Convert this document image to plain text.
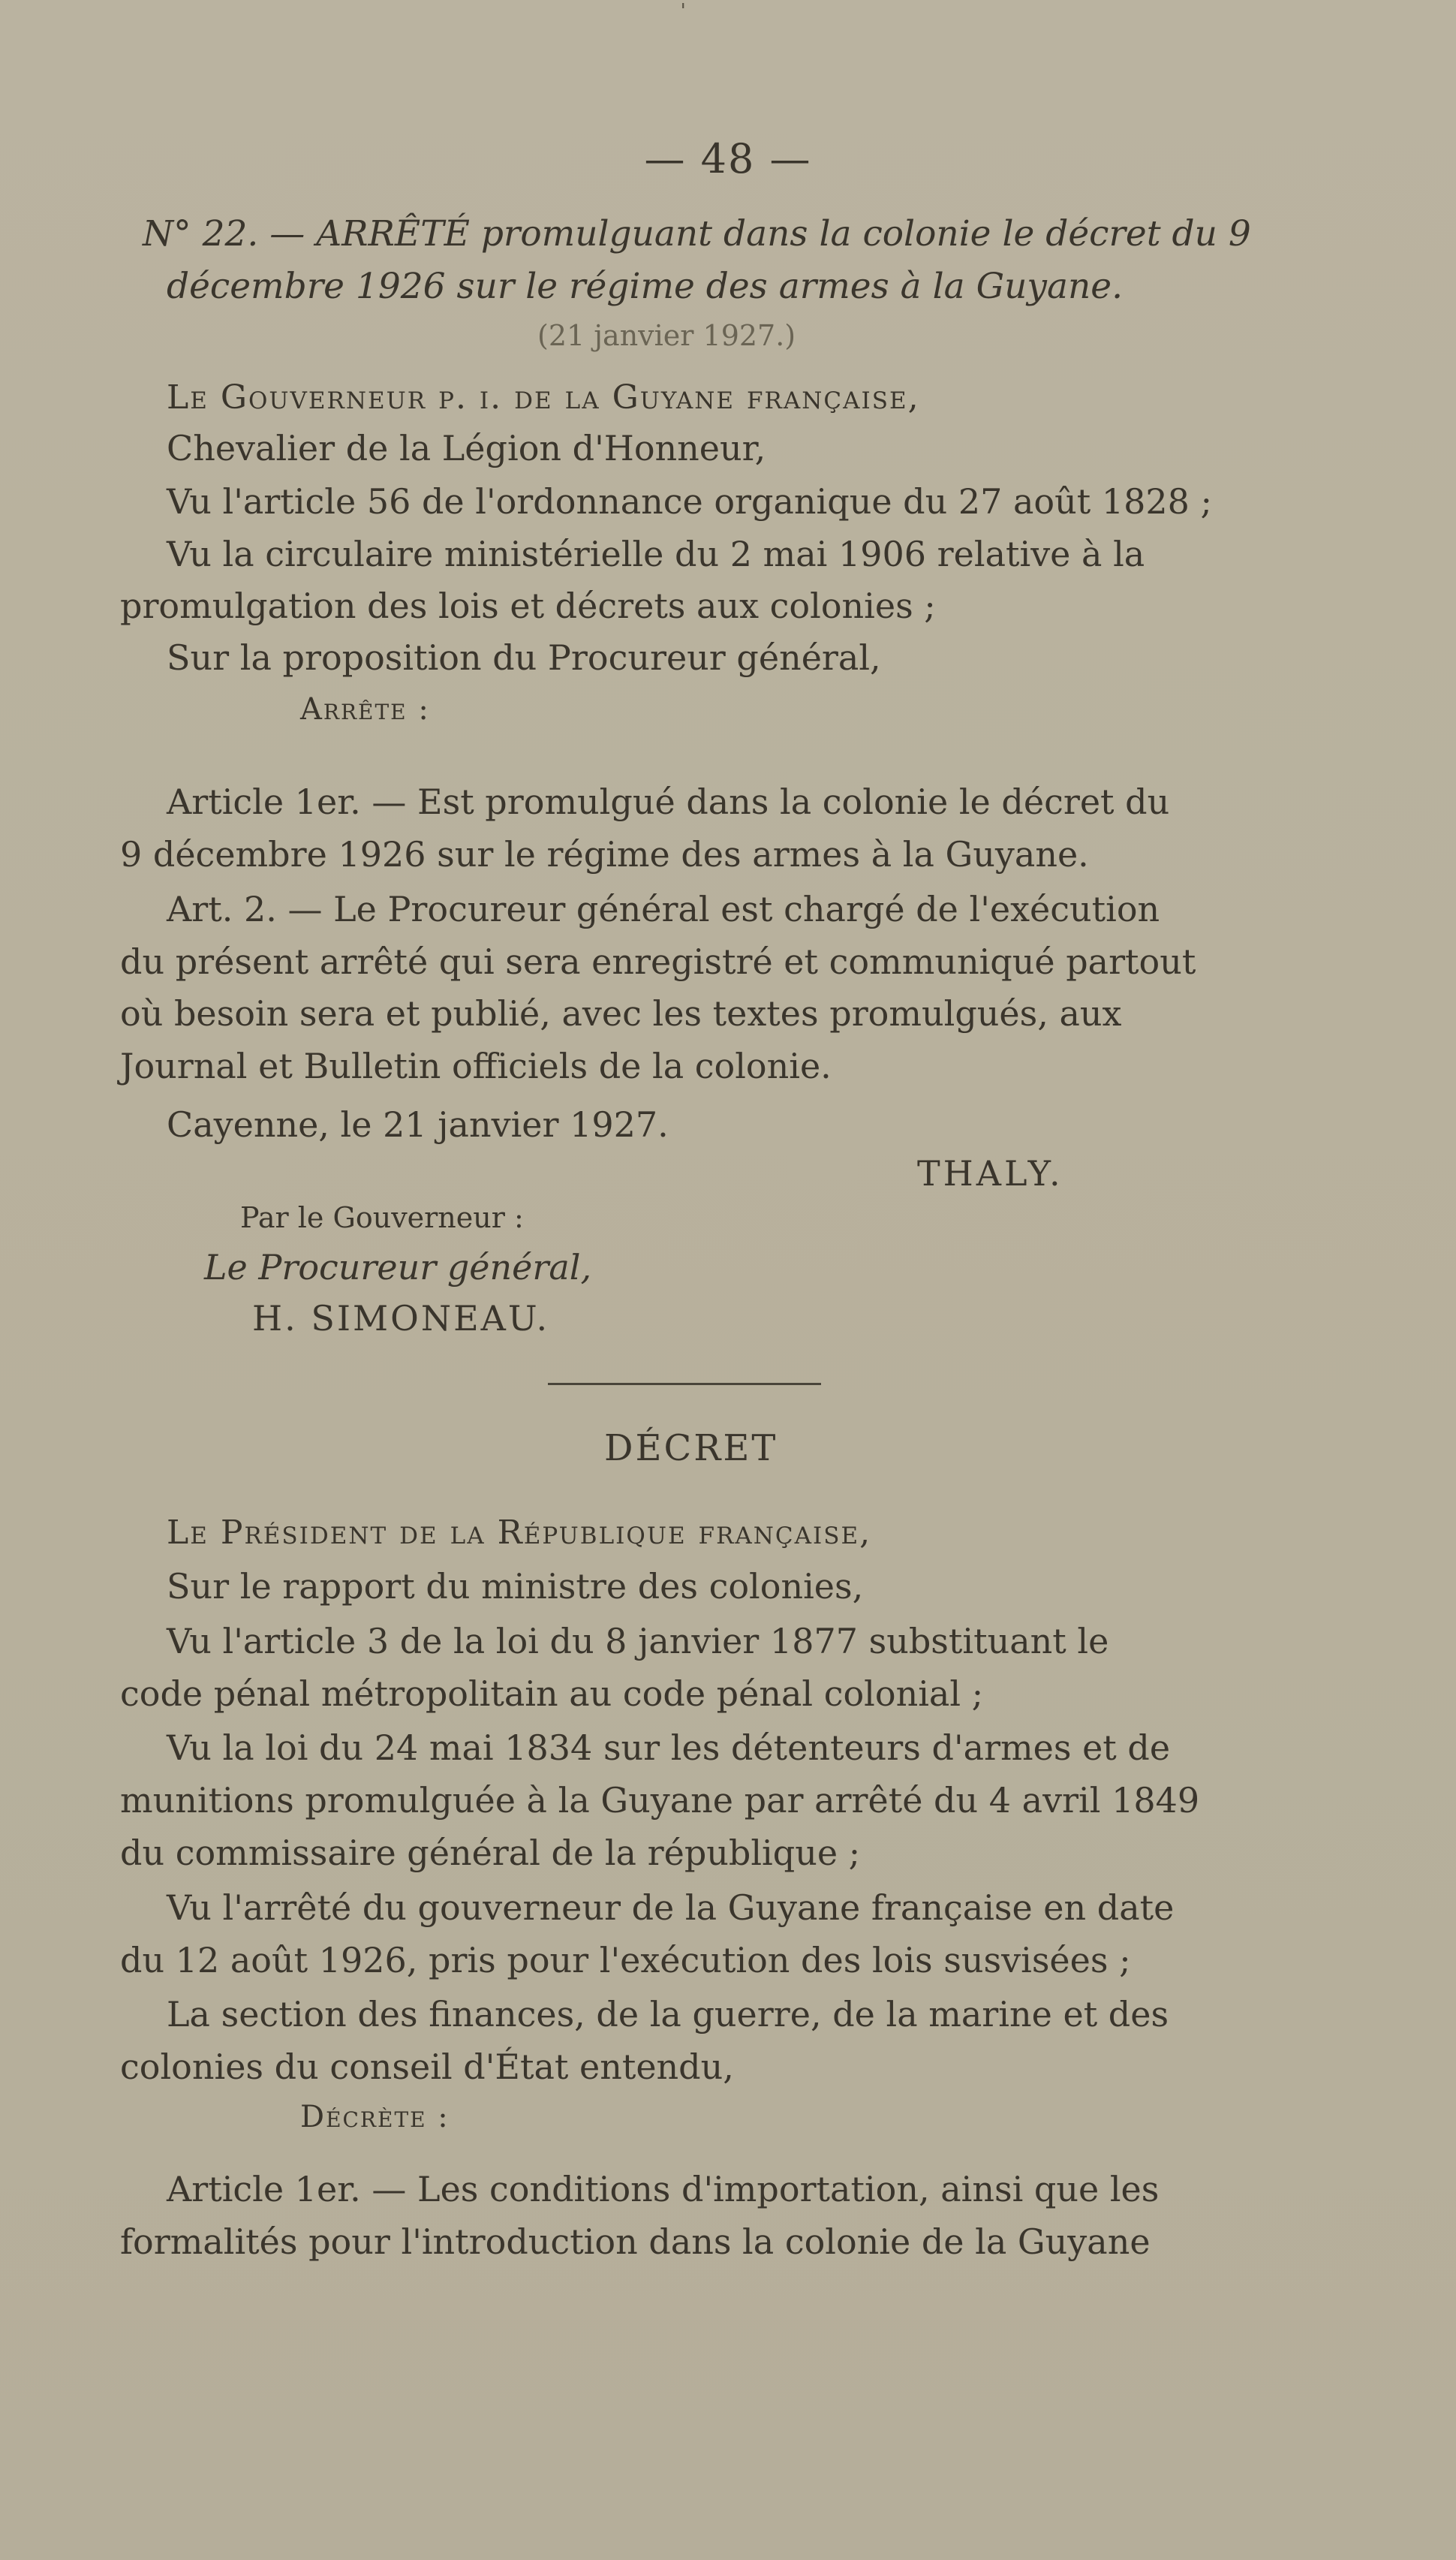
ˈ
— 48 —
N° 22. — ARRÊTÉ promulguant dans la colonie le décret du 9
décembre 1926 sur le régime des armes à la Guyane.
(21 janvier 1927.)
Le Gouverneur p. i. de la Guyane française,
Chevalier de la Légion d'Honneur,
Vu l'article 56 de l'ordonnance organique du 27 août 1828 ;
Vu la circulaire ministérielle du 2 mai 1906 relative à la
promulgation des lois et décrets aux colonies ;
Sur la proposition du Procureur général,
Arrête :
Article 1er. — Est promulgué dans la colonie le décret du
9 décembre 1926 sur le régime des armes à la Guyane.
Art. 2. — Le Procureur général est chargé de l'exécution
du présent arrêté qui sera enregistré et communiqué partout
où besoin sera et publié, avec les textes promulgués, aux
Journal et Bulletin officiels de la colonie.
Cayenne, le 21 janvier 1927.
THALY.
Par le Gouverneur :
Le Procureur général,
H. SIMONEAU.
DÉCRET
Le Président de la République française,
Sur le rapport du ministre des colonies,
Vu l'article 3 de la loi du 8 janvier 1877 substituant le
code pénal métropolitain au code pénal colonial ;
Vu la loi du 24 mai 1834 sur les détenteurs d'armes et de
munitions promulguée à la Guyane par arrêté du 4 avril 1849
du commissaire général de la république ;
Vu l'arrêté du gouverneur de la Guyane française en date
du 12 août 1926, pris pour l'exécution des lois susvisées ;
La section des finances, de la guerre, de la marine et des
colonies du conseil d'État entendu,
Décrète :
Article 1er. — Les conditions d'importation, ainsi que les
formalités pour l'introduction dans la colonie de la Guyane
